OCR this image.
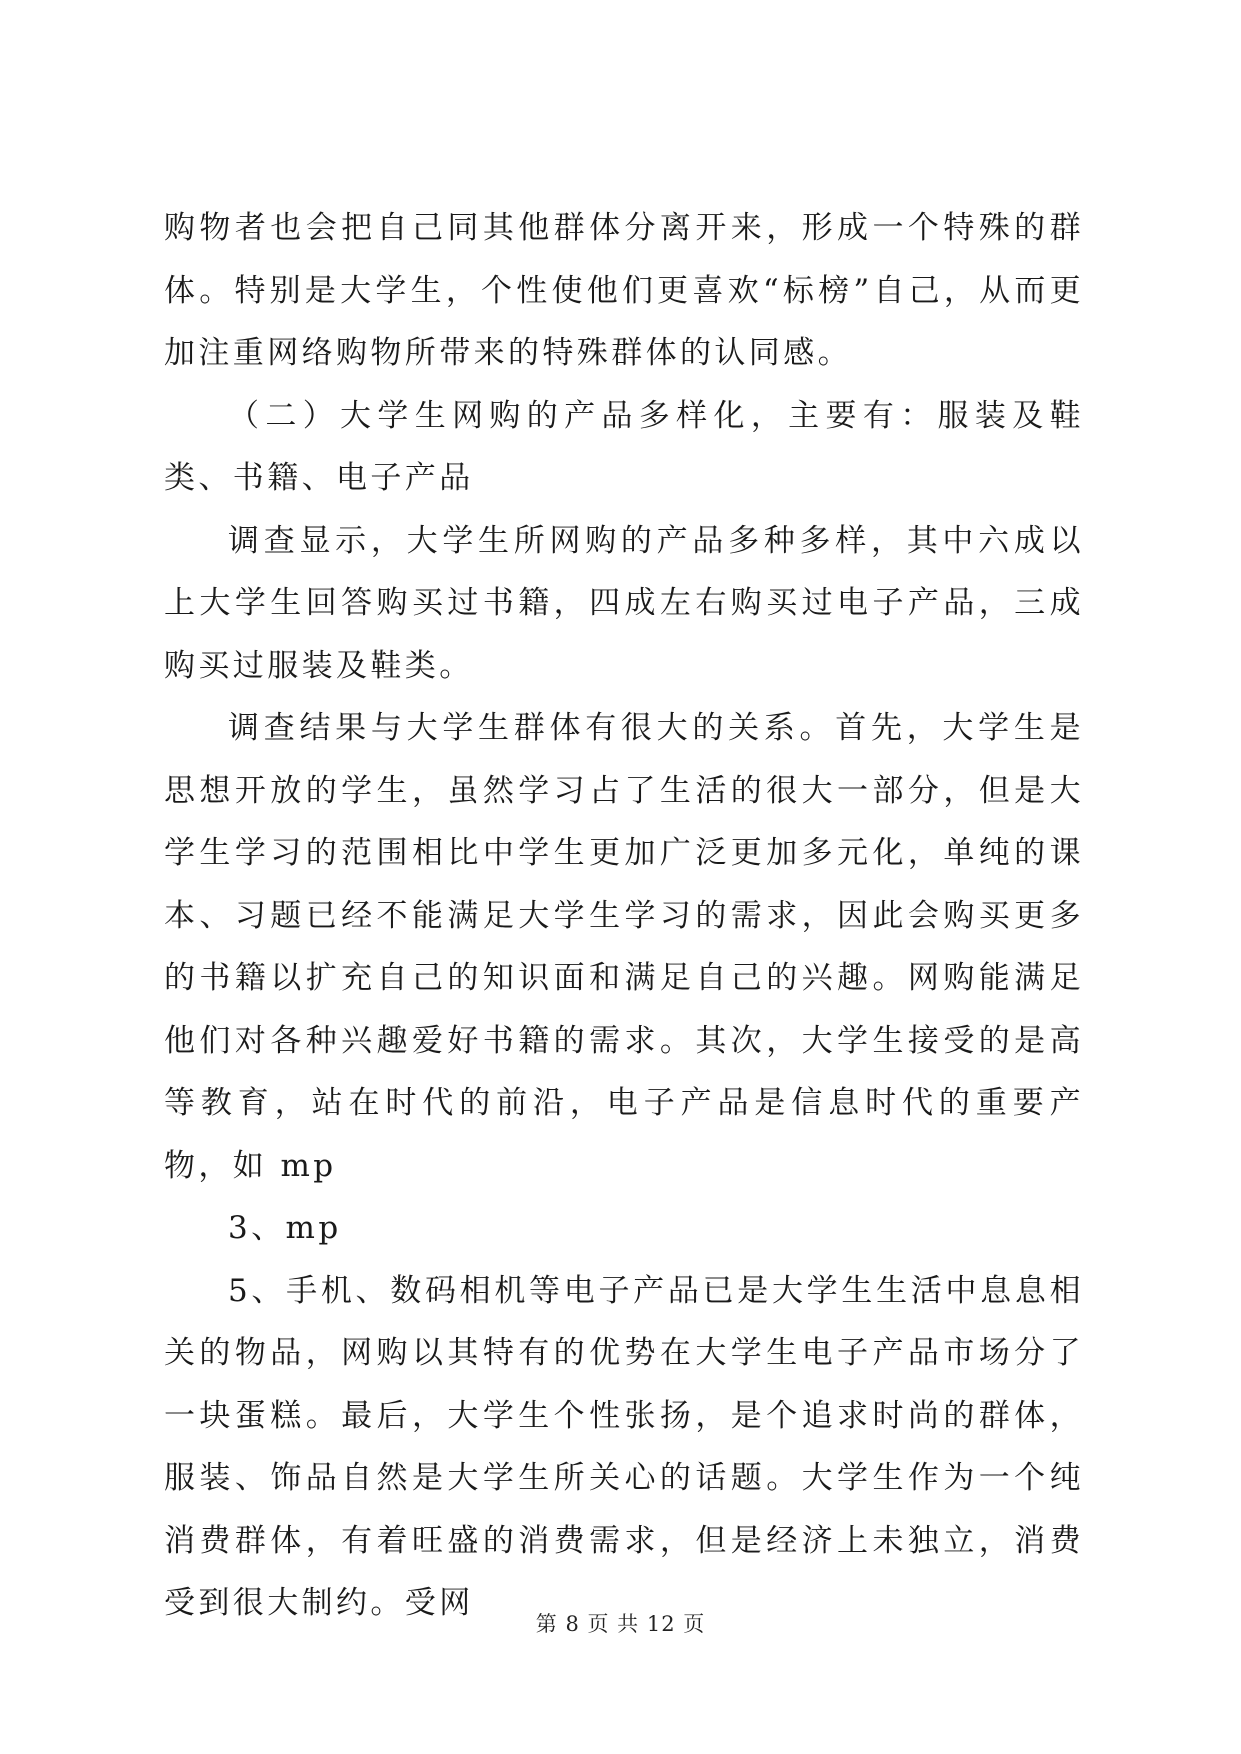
购物者也会把自己同其他群体分离开来，形成一个特殊的群体。特别是大学生，个性使他们更喜欢“标榜”自己，从而更加注重网络购物所带来的特殊群体的认同感。

（二）大学生网购的产品多样化，主要有：服装及鞋类、书籍、电子产品

调查显示，大学生所网购的产品多种多样，其中六成以上大学生回答购买过书籍，四成左右购买过电子产品，三成购买过服装及鞋类。

调查结果与大学生群体有很大的关系。首先，大学生是思想开放的学生，虽然学习占了生活的很大一部分，但是大学生学习的范围相比中学生更加广泛更加多元化，单纯的课本、习题已经不能满足大学生学习的需求，因此会购买更多的书籍以扩充自己的知识面和满足自己的兴趣。网购能满足他们对各种兴趣爱好书籍的需求。其次，大学生接受的是高等教育，站在时代的前沿，电子产品是信息时代的重要产物，如 mp

3、mp

5、手机、数码相机等电子产品已是大学生生活中息息相关的物品，网购以其特有的优势在大学生电子产品市场分了一块蛋糕。最后，大学生个性张扬，是个追求时尚的群体，服装、饰品自然是大学生所关心的话题。大学生作为一个纯消费群体，有着旺盛的消费需求，但是经济上未独立，消费受到很大制约。受网

第 8 页 共 12 页
